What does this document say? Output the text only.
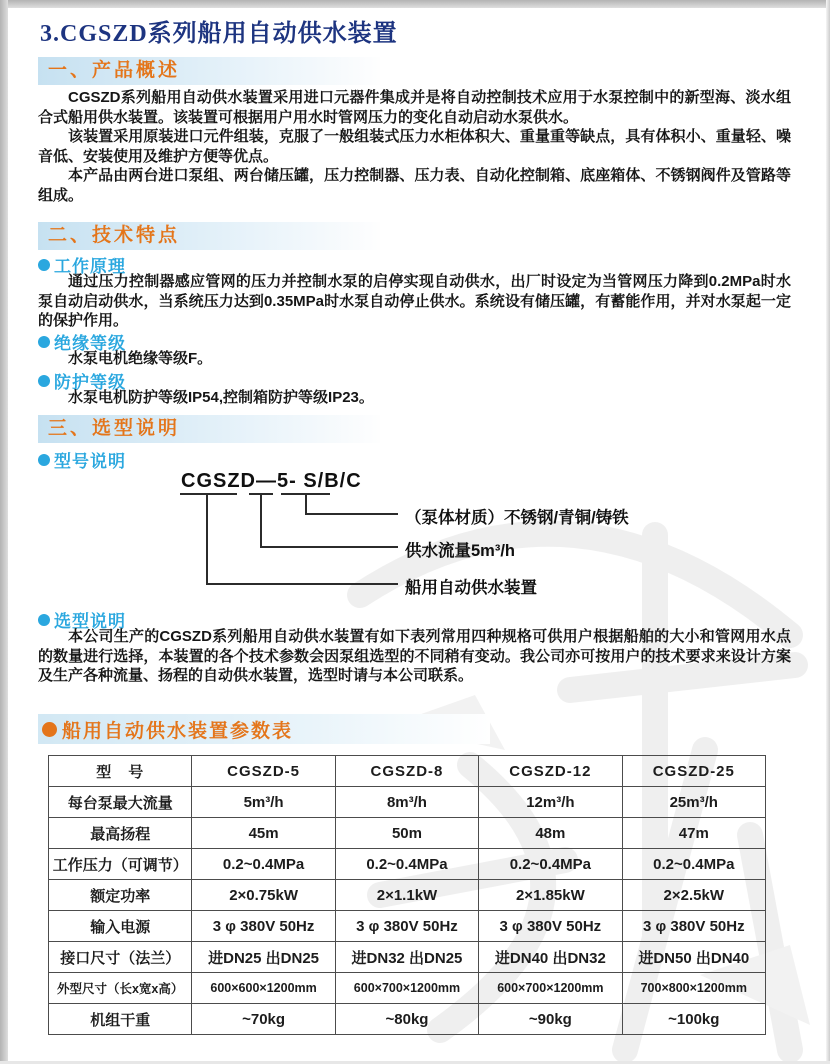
3.CGSZD系列船用自动供水装置
一、产品概述

CGSZD系列船用自动供水装置采用进口元器件集成并是将自动控制技术应用于水泵控制中的新型海、淡水组合式船用供水装置。该装置可根据用户用水时管网压力的变化自动启动水泵供水。

该装置采用原装进口元件组装，克服了一般组装式压力水柜体积大、重量重等缺点，具有体积小、重量轻、噪音低、安装使用及维护方便等优点。

本产品由两台进口泵组、两台储压罐，压力控制器、压力表、自动化控制箱、底座箱体、不锈钢阀件及管路等组成。

二、技术特点
工作原理

通过压力控制器感应管网的压力并控制水泵的启停实现自动供水，出厂时设定为当管网压力降到0.2MPa时水泵自动启动供水，当系统压力达到0.35MPa时水泵自动停止供水。系统设有储压罐，有蓄能作用，并对水泵起一定的保护作用。

绝缘等级

水泵电机绝缘等级F。

防护等级

水泵电机防护等级IP54,控制箱防护等级IP23。

三、选型说明
型号说明
CGSZD—5- S/B/C
（泵体材质）不锈钢/青铜/铸铁
供水流量5m³/h
船用自动供水装置
选型说明

本公司生产的CGSZD系列船用自动供水装置有如下表列常用四种规格可供用户根据船舶的大小和管网用水点的数量进行选择，本装置的各个技术参数会因泵组选型的不同稍有变动。我公司亦可按用户的技术要求来设计方案及生产各种流量、扬程的自动供水装置，选型时请与本公司联系。

船用自动供水装置参数表
型　号	CGSZD-5	CGSZD-8	CGSZD-12	CGSZD-25
每台泵最大流量	5m³/h	8m³/h	12m³/h	25m³/h
最高扬程	45m	50m	48m	47m
工作压力（可调节）	0.2~0.4MPa	0.2~0.4MPa	0.2~0.4MPa	0.2~0.4MPa
额定功率	2×0.75kW	2×1.1kW	2×1.85kW	2×2.5kW
输入电源	3 φ 380V 50Hz	3 φ 380V 50Hz	3 φ 380V 50Hz	3 φ 380V 50Hz
接口尺寸（法兰）	进DN25 出DN25	进DN32 出DN25	进DN40 出DN32	进DN50 出DN40
外型尺寸（长x宽x高）	600×600×1200mm	600×700×1200mm	600×700×1200mm	700×800×1200mm
机组干重	~70kg	~80kg	~90kg	~100kg
